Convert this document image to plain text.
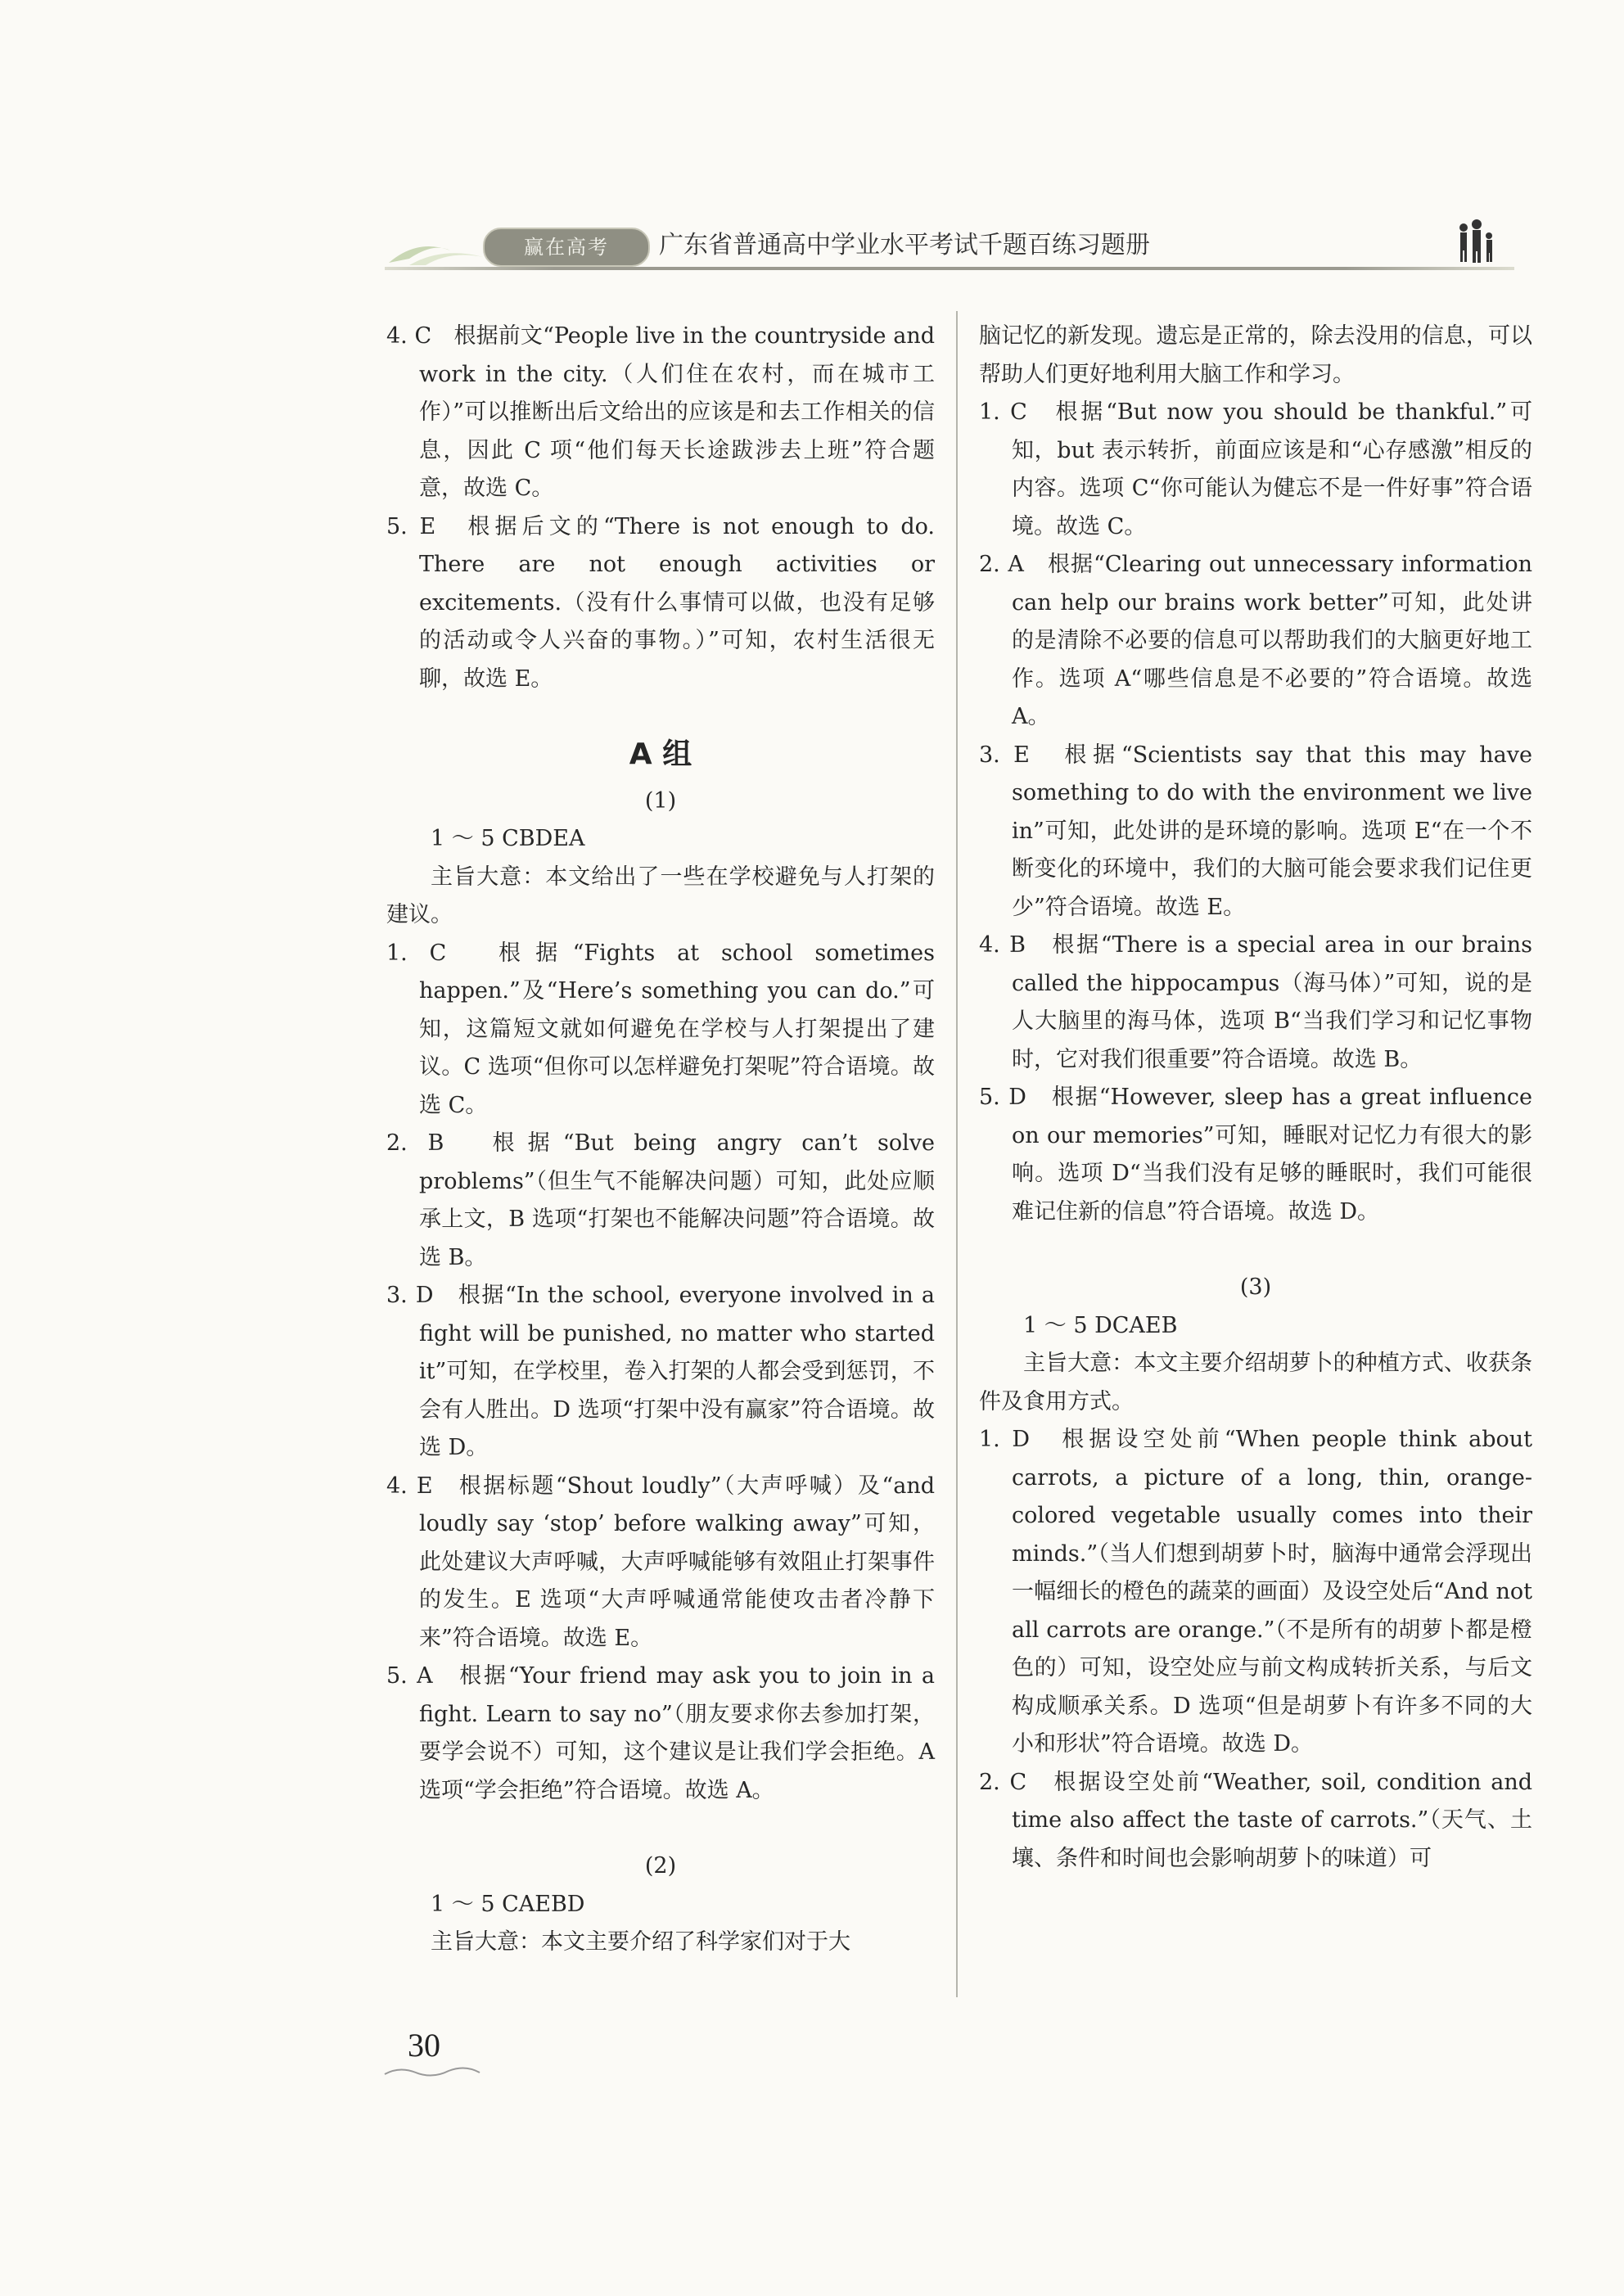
赢在高考	广东省普通高中学业水平考试千题百练习题册

4. C　根据前文“People live in the countryside and work in the city.（人们住在农村，而在城市工作）”可以推断出后文给出的应该是和去工作相关的信息，因此 C 项“他们每天长途跋涉去上班”符合题意，故选 C。

5. E　根据后文的“There is not enough to do. There are not enough activities or excitements.（没有什么事情可以做，也没有足够的活动或令人兴奋的事物。）”可知，农村生活很无聊，故选 E。

A 组

(1)

1 ～ 5 CBDEA

主旨大意：本文给出了一些在学校避免与人打架的建议。

1. C　根据“Fights at school sometimes happen.”及“Here’s something you can do.”可知，这篇短文就如何避免在学校与人打架提出了建议。C 选项“但你可以怎样避免打架呢”符合语境。故选 C。

2. B　根据“But being angry can’t solve problems”（但生气不能解决问题）可知，此处应顺承上文，B 选项“打架也不能解决问题”符合语境。故选 B。

3. D　根据“In the school, everyone involved in a fight will be punished, no matter who started it”可知，在学校里，卷入打架的人都会受到惩罚，不会有人胜出。D 选项“打架中没有赢家”符合语境。故选 D。

4. E　根据标题“Shout loudly”（大声呼喊）及“and loudly say ‘stop’ before walking away”可知，此处建议大声呼喊，大声呼喊能够有效阻止打架事件的发生。E 选项“大声呼喊通常能使攻击者冷静下来”符合语境。故选 E。

5. A　根据“Your friend may ask you to join in a fight. Learn to say no”（朋友要求你去参加打架，要学会说不）可知，这个建议是让我们学会拒绝。A 选项“学会拒绝”符合语境。故选 A。

(2)

1 ～ 5 CAEBD

主旨大意：本文主要介绍了科学家们对于大

脑记忆的新发现。遗忘是正常的，除去没用的信息，可以帮助人们更好地利用大脑工作和学习。

1. C　根据“But now you should be thankful.”可知，but 表示转折，前面应该是和“心存感激”相反的内容。选项 C“你可能认为健忘不是一件好事”符合语境。故选 C。

2. A　根据“Clearing out unnecessary information can help our brains work better”可知，此处讲的是清除不必要的信息可以帮助我们的大脑更好地工作。选项 A“哪些信息是不必要的”符合语境。故选 A。

3. E　根据“Scientists say that this may have something to do with the environment we live in”可知，此处讲的是环境的影响。选项 E“在一个不断变化的环境中，我们的大脑可能会要求我们记住更少”符合语境。故选 E。

4. B　根据“There is a special area in our brains called the hippocampus（海马体）”可知，说的是人大脑里的海马体，选项 B“当我们学习和记忆事物时，它对我们很重要”符合语境。故选 B。

5. D　根据“However, sleep has a great influence on our memories”可知，睡眠对记忆力有很大的影响。选项 D“当我们没有足够的睡眠时，我们可能很难记住新的信息”符合语境。故选 D。

(3)

1 ～ 5 DCAEB

主旨大意：本文主要介绍胡萝卜的种植方式、收获条件及食用方式。

1. D　根据设空处前“When people think about carrots, a picture of a long, thin, orange-colored vegetable usually comes into their minds.”（当人们想到胡萝卜时，脑海中通常会浮现出一幅细长的橙色的蔬菜的画面）及设空处后“And not all carrots are orange.”（不是所有的胡萝卜都是橙色的）可知，设空处应与前文构成转折关系，与后文构成顺承关系。D 选项“但是胡萝卜有许多不同的大小和形状”符合语境。故选 D。

2. C　根据设空处前“Weather, soil, condition and time also affect the taste of carrots.”（天气、土壤、条件和时间也会影响胡萝卜的味道）可

30
